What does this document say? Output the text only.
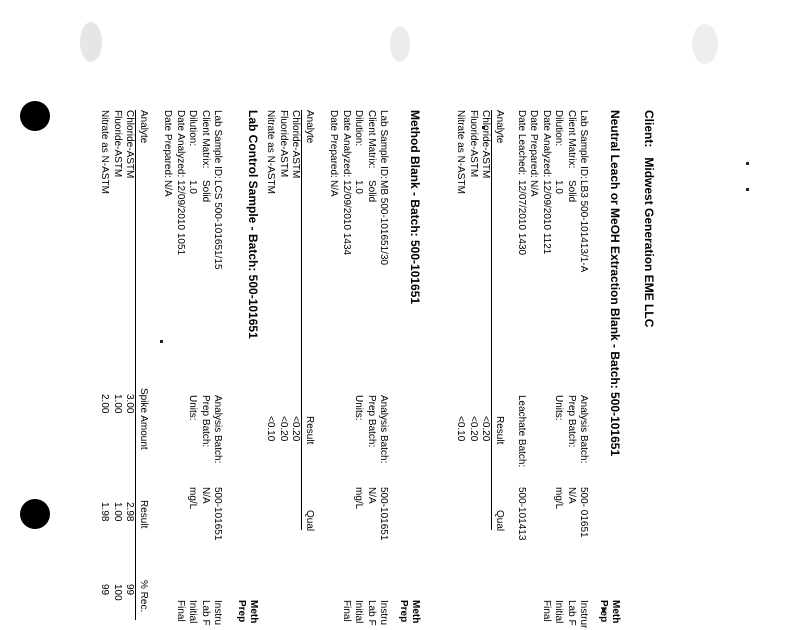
Client:   Midwest Generation EME LLC
Neutral Leach or MeOH Extraction Blank - Batch: 500-101651
Meth
Prep
Lab Sample ID:LB3 500-101413/1-A
Client Matrix:Solid
Dilution:1.0
Date Analyzed:12/09/2010 1121
Date Prepared:N/A
Date Leached:12/07/2010 1430
Analysis Batch:500- 01651
Prep Batch:N/A
Units:mg/L
Leachate Batch:500-101413
Instrur
Lab F
Initial
Final
Analyte
Result
Qual
Chloride-ASTM
Fluoride-ASTM
Nitrate as N-ASTM
<0.20
<0.20
<0.10
Method Blank - Batch: 500-101651
Meth
Prep
Lab Sample ID:MB 500-101651/30
Client Matrix:Solid
Dilution:1.0
Date Analyzed:12/09/2010 1434
Date Prepared:N/A
Analysis Batch:500-101651
Prep Batch:N/A
Units:mg/L
Instru
Lab F
Initial
Final
Analyte
Result
Qual
Chloride-ASTM
Fluoride-ASTM
Nitrate as N-ASTM
<0.20
<0.20
<0.10
Lab Control Sample - Batch: 500-101651
Meth
Prep
Lab Sample ID:LCS 500-101651/15
Client Matrix:Solid
Dilution:1.0
Date Analyzed:12/09/2010 1051
Date Prepared:N/A
Analysis Batch:500-101651
Prep Batch:N/A
Units:mg/L
Instru
Lab F
Initial
Final
Analyte
Spike Amount
Result
% Rec.
Chloride-ASTM
Fluoride-ASTM
Nitrate as N-ASTM
3.00
1.00
2.00
2.98
1.00
1.98
99
100
99
